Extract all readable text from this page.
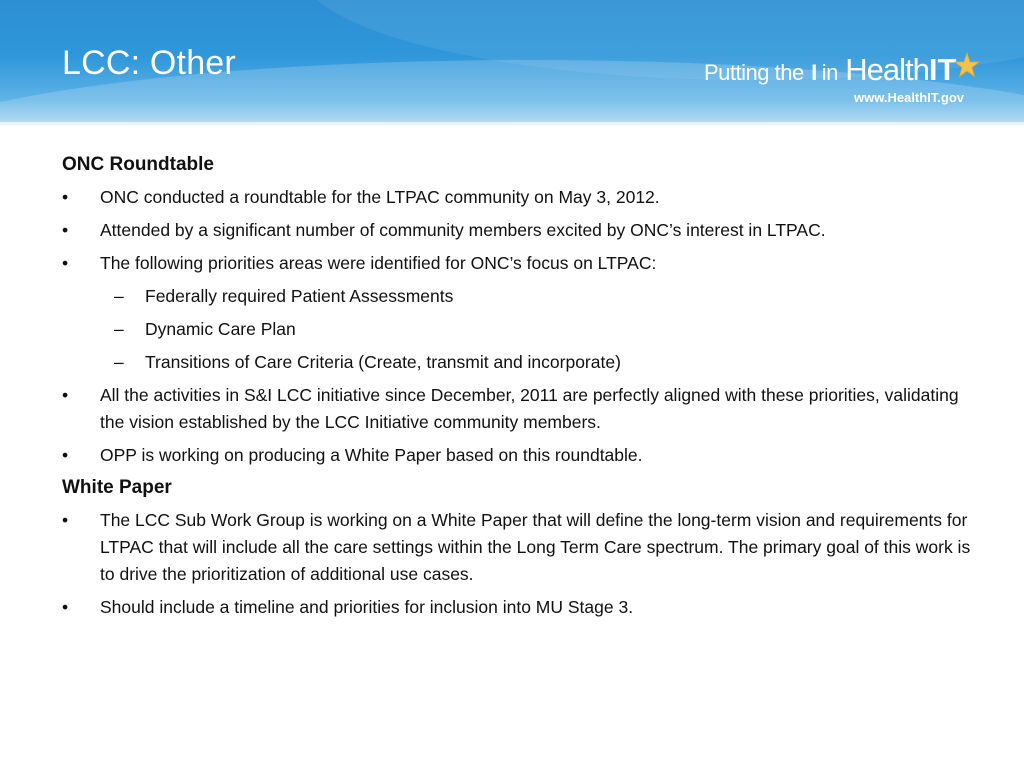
LCC: Other	Putting the I in HealthIT
www.HealthIT.gov
ONC Roundtable
•	ONC conducted a roundtable for the LTPAC community on May 3, 2012.
•	Attended by a significant number of community members excited by ONC’s interest in LTPAC.
•	The following priorities areas were identified for ONC’s focus on LTPAC:
– Federally required Patient Assessments
– Dynamic Care Plan
– Transitions of Care Criteria (Create, transmit and incorporate)
•	All the activities in S&I LCC initiative since December, 2011 are perfectly aligned with these priorities, validating the vision established by the LCC Initiative community members.
•	OPP is working on producing a White Paper based on this roundtable.
White Paper
•	The LCC Sub Work Group is working on a White Paper that will define the long-term vision and requirements for LTPAC that will include all the care settings within the Long Term Care spectrum. The primary goal of this work is to drive the prioritization of additional use cases.
•	Should include a timeline and priorities for inclusion into MU Stage 3.
